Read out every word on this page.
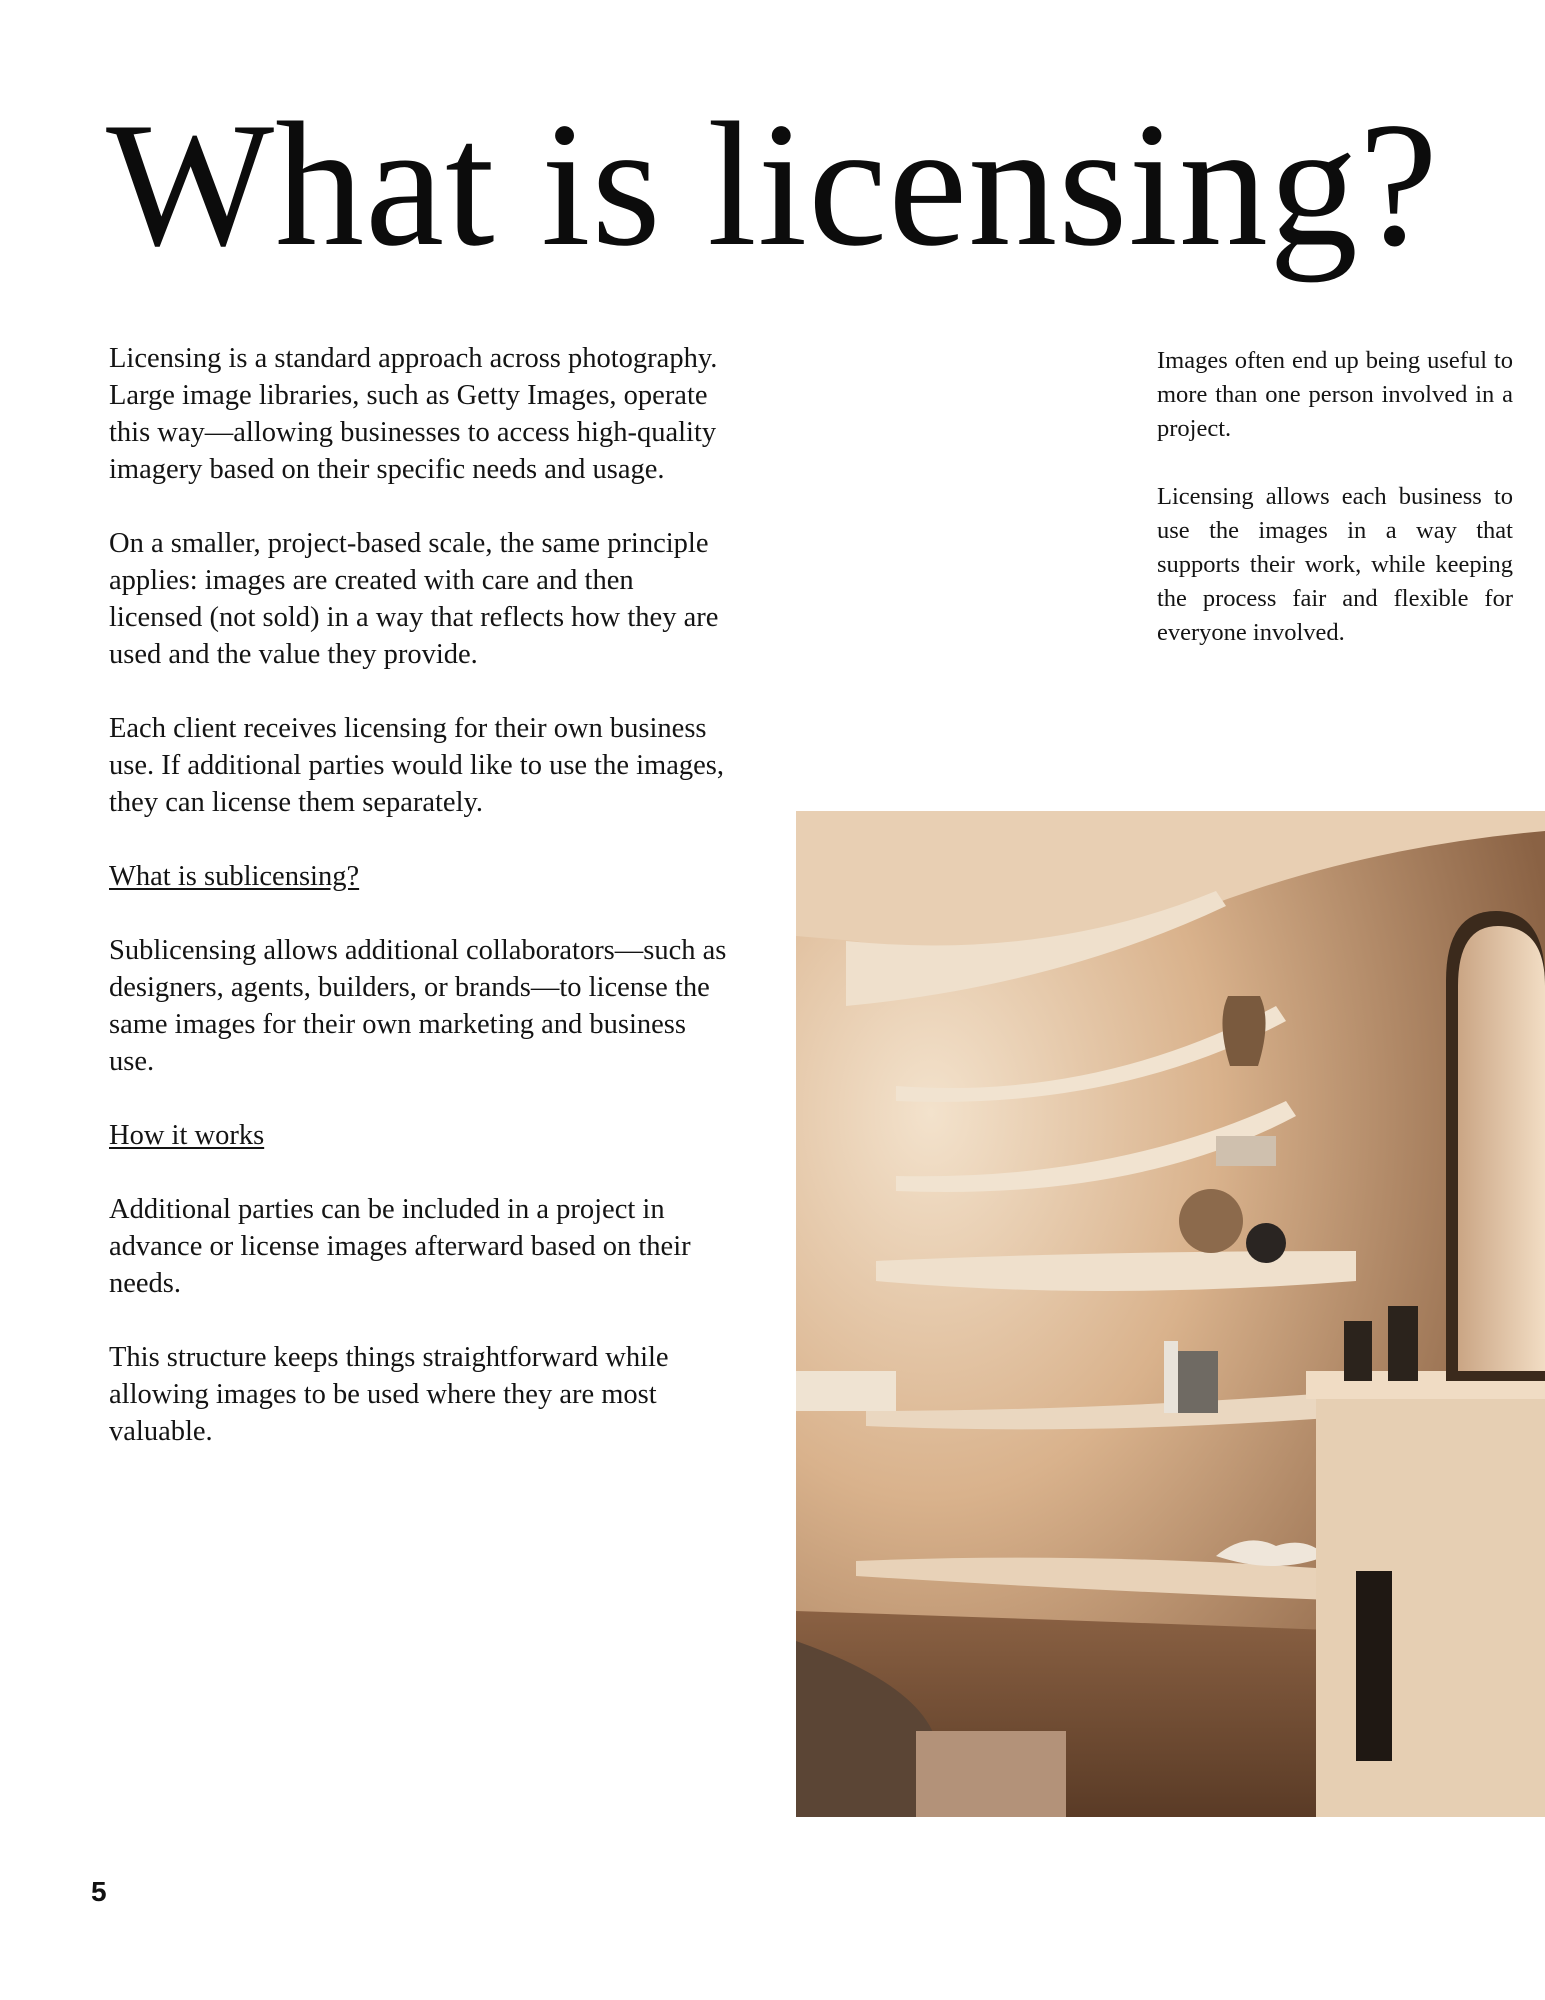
What is licensing?

Licensing is a standard approach across photography. Large image libraries, such as Getty Images, operate this way—allowing businesses to access high-quality imagery based on their specific needs and usage.

On a smaller, project-based scale, the same principle applies: images are created with care and then licensed (not sold) in a way that reflects how they are used and the value they provide.

Each client receives licensing for their own business use. If additional parties would like to use the images, they can license them separately.

What is sublicensing?

Sublicensing allows additional collaborators—such as designers, agents, builders, or brands—to license the same images for their own marketing and business use.

How it works

Additional parties can be included in a project in advance or license images afterward based on their needs.

This structure keeps things straightforward while allowing images to be used where they are most valuable.

Images often end up being useful to more than one person involved in a project.

Licensing allows each business to use the images in a way that supports their work, while keeping the process fair and flexible for everyone involved.

5
